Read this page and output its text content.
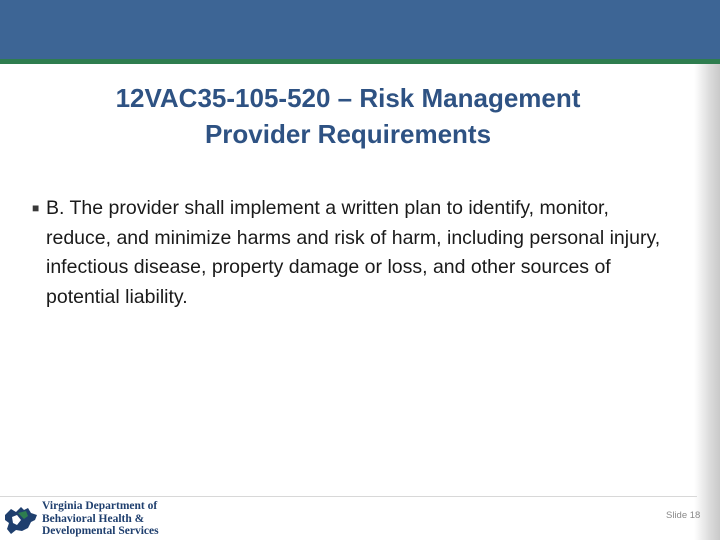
12VAC35-105-520 – Risk Management
Provider Requirements
■ B. The provider shall implement a written plan to identify, monitor, reduce, and minimize harms and risk of harm, including personal injury, infectious disease, property damage or loss, and other sources of potential liability.
Virginia Department of
Behavioral Health &
Developmental Services
Slide 18
